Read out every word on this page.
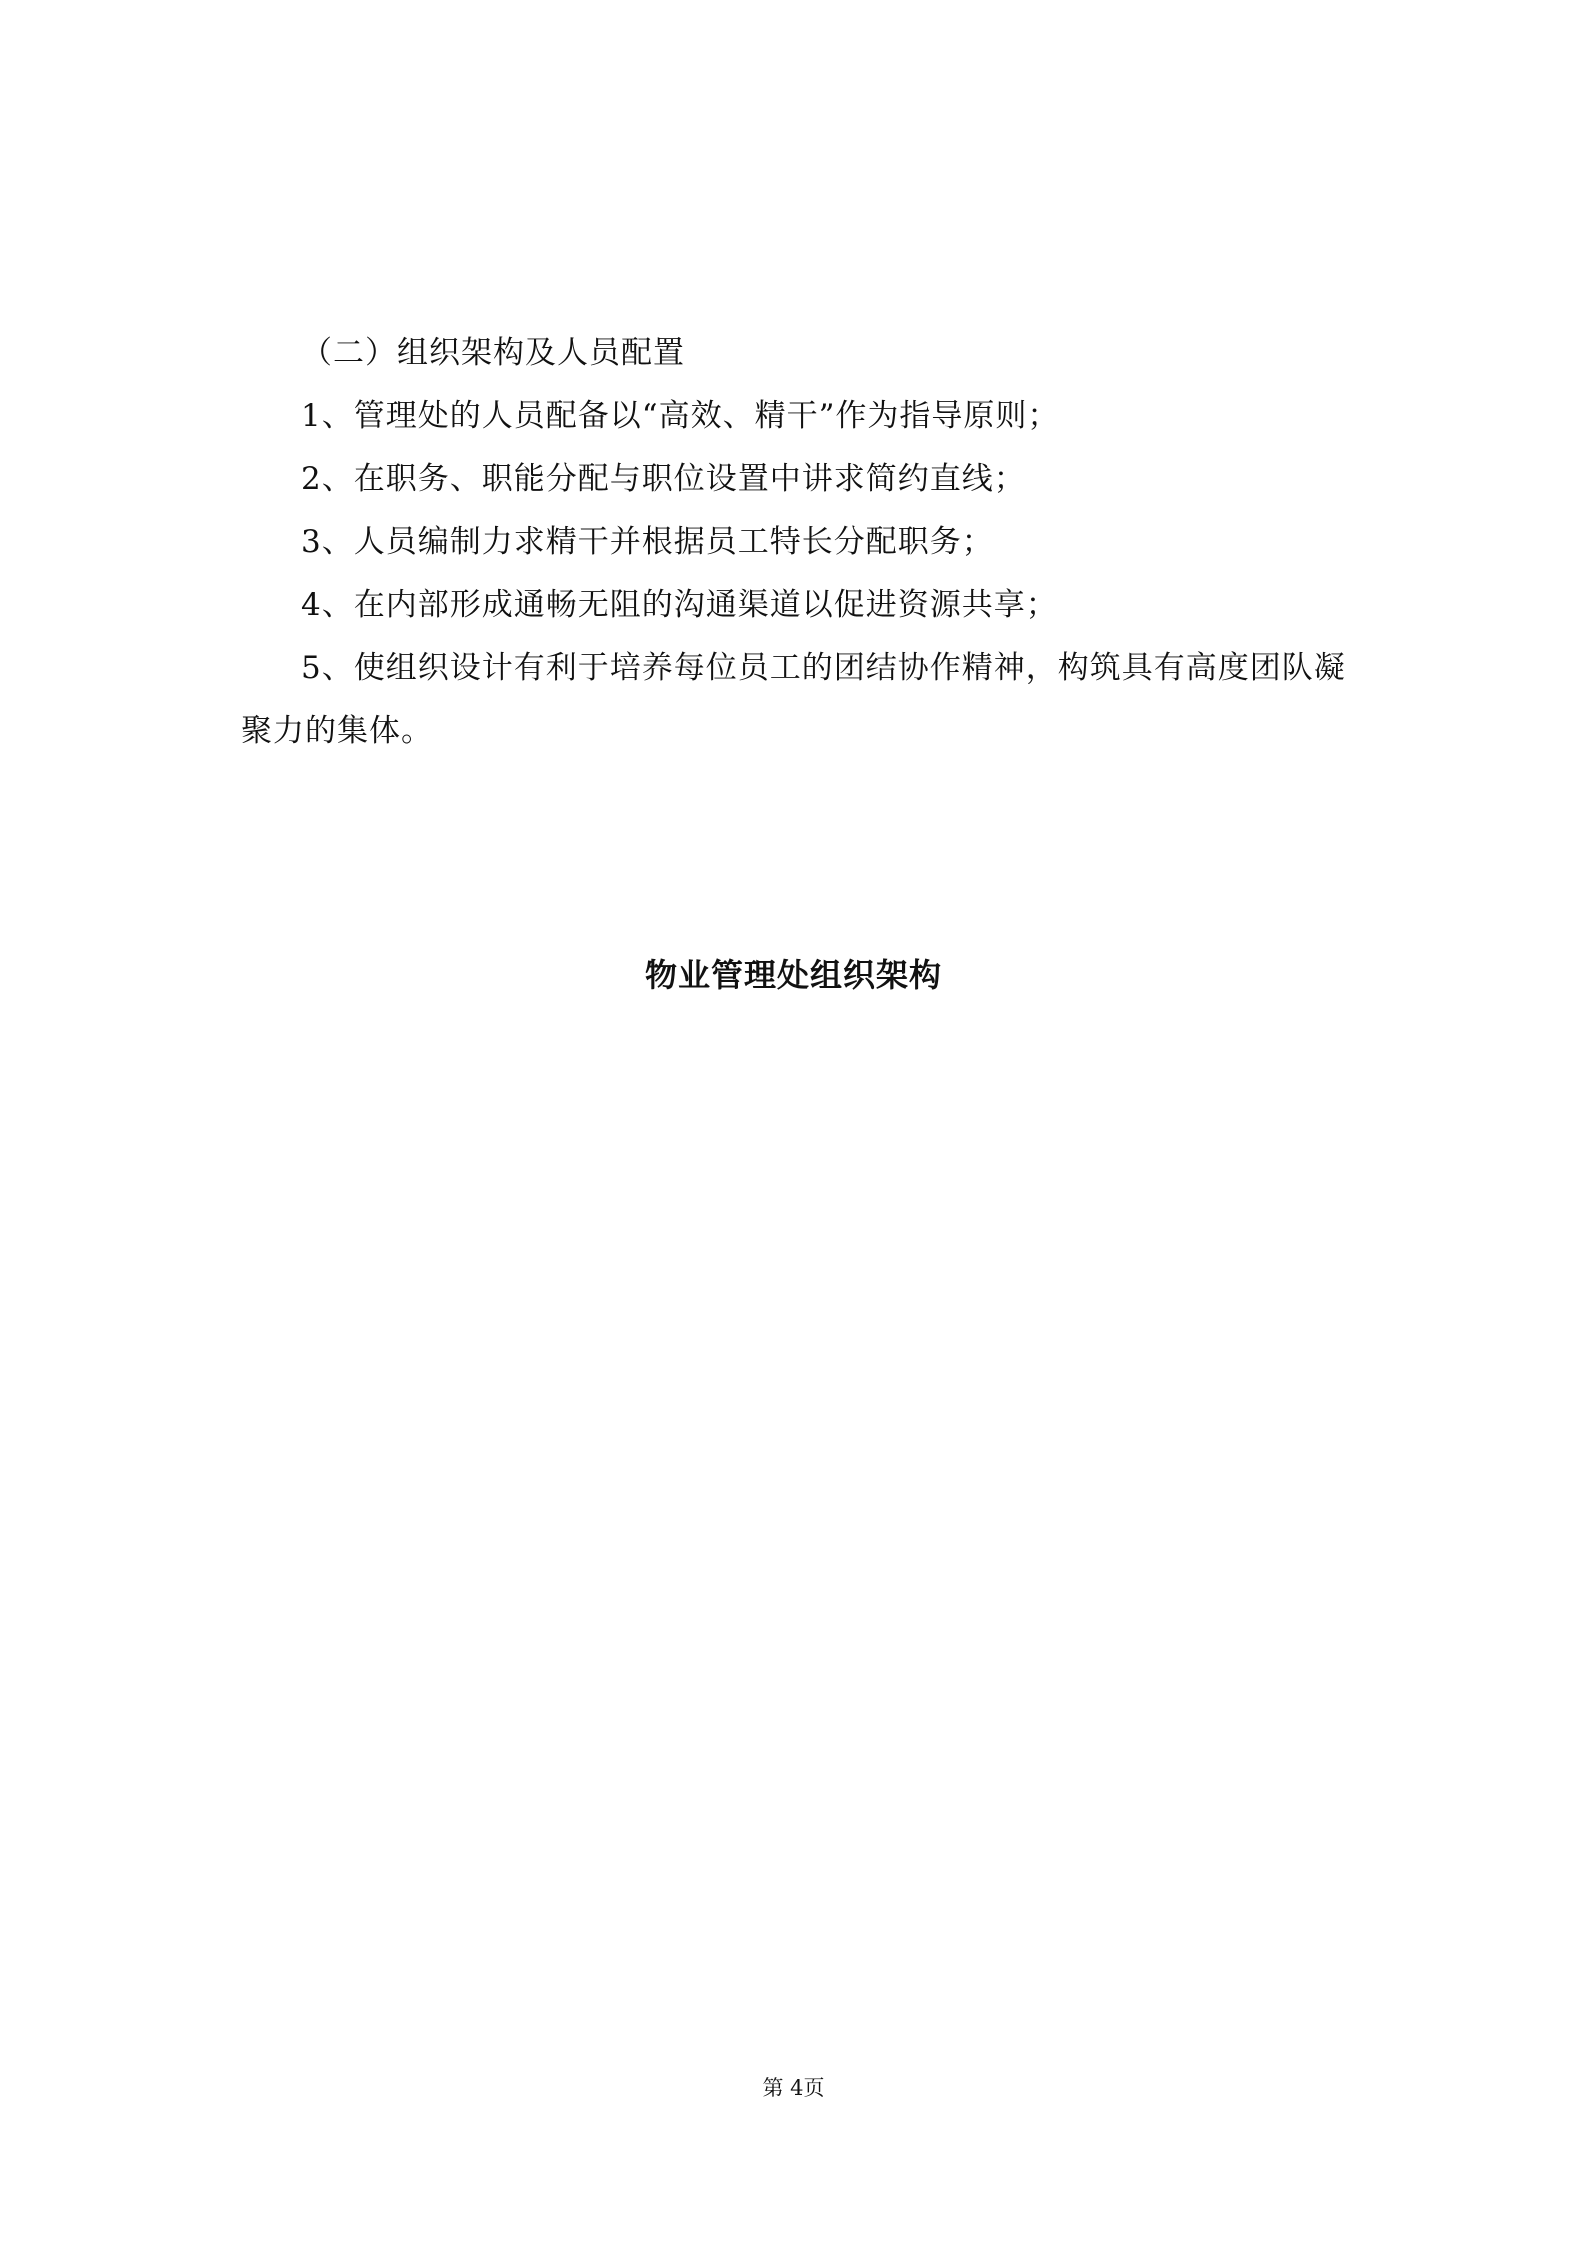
（二）组织架构及人员配置
1、管理处的人员配备以“高效、精干”作为指导原则；
2、在职务、职能分配与职位设置中讲求简约直线；
3、人员编制力求精干并根据员工特长分配职务；
4、在内部形成通畅无阻的沟通渠道以促进资源共享；
5、使组织设计有利于培养每位员工的团结协作精神，构筑具有高度团队凝
聚力的集体。
物业管理处组织架构
第 4页
